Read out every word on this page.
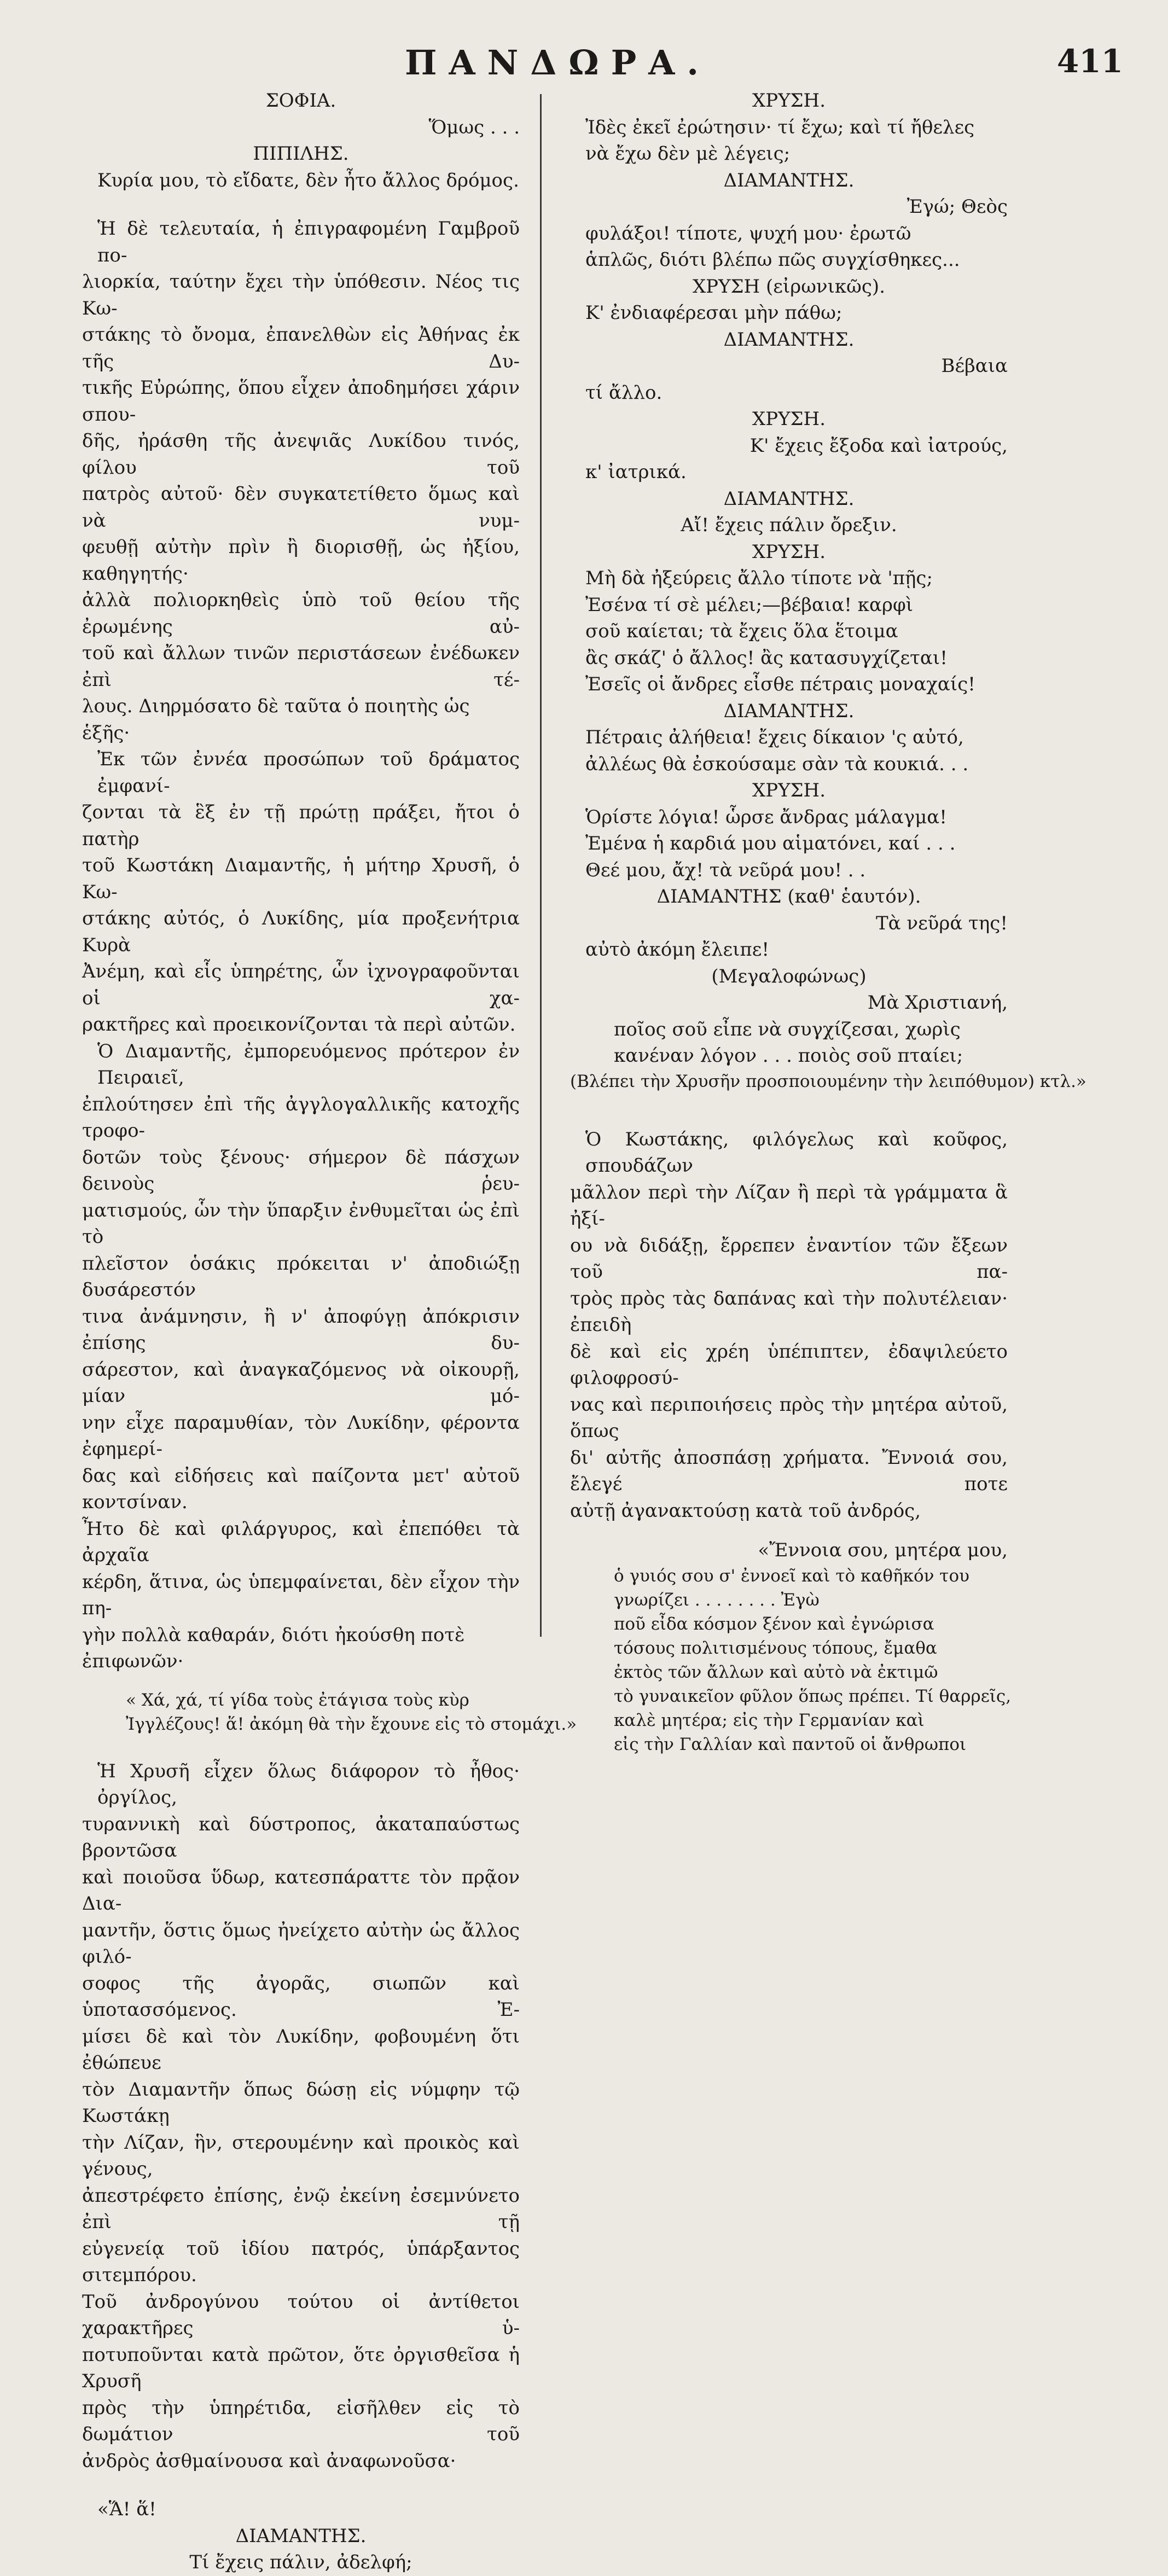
ΠΑΝΔΩΡΑ.	411
ΣΟΦΙΑ.
Ὅμως . . .
ΠΙΠΙΛΗΣ.
Κυρία μου, τὸ εἴδατε, δὲν ἦτο ἄλλος δρόμος.
Ἡ δὲ τελευταία, ἡ ἐπιγραφομένη Γαμβροῦ πο-
λιορκία, ταύτην ἔχει τὴν ὑπόθεσιν. Νέος τις Κω-
στάκης τὸ ὄνομα, ἐπανελθὼν εἰς Ἀθήνας ἐκ τῆς Δυ-
τικῆς Εὐρώπης, ὅπου εἶχεν ἀποδημήσει χάριν σπου-
δῆς, ἠράσθη τῆς ἀνεψιᾶς Λυκίδου τινός, φίλου τοῦ
πατρὸς αὐτοῦ· δὲν συγκατετίθετο ὅμως καὶ νὰ νυμ-
φευθῇ αὐτὴν πρὶν ἢ διορισθῇ, ὡς ἠξίου, καθηγητής·
ἀλλὰ πολιορκηθεὶς ὑπὸ τοῦ θείου τῆς ἐρωμένης αὐ-
τοῦ καὶ ἄλλων τινῶν περιστάσεων ἐνέδωκεν ἐπὶ τέ-
λους. Διηρμόσατο δὲ ταῦτα ὁ ποιητὴς ὡς ἑξῆς·
Ἐκ τῶν ἐννέα προσώπων τοῦ δράματος ἐμφανί-
ζονται τὰ ἓξ ἐν τῇ πρώτῃ πράξει, ἤτοι ὁ πατὴρ
τοῦ Κωστάκη Διαμαντῆς, ἡ μήτηρ Χρυσῆ, ὁ Κω-
στάκης αὐτός, ὁ Λυκίδης, μία προξενήτρια Κυρὰ
Ἀνέμη, καὶ εἷς ὑπηρέτης, ὧν ἰχνογραφοῦνται οἱ χα-
ρακτῆρες καὶ προεικονίζονται τὰ περὶ αὐτῶν.
Ὁ Διαμαντῆς, ἐμπορευόμενος πρότερον ἐν Πειραιεῖ,
ἐπλούτησεν ἐπὶ τῆς ἀγγλογαλλικῆς κατοχῆς τροφο-
δοτῶν τοὺς ξένους· σήμερον δὲ πάσχων δεινοὺς ῥευ-
ματισμούς, ὧν τὴν ὕπαρξιν ἐνθυμεῖται ὡς ἐπὶ τὸ
πλεῖστον ὁσάκις πρόκειται ν' ἀποδιώξῃ δυσάρεστόν
τινα ἀνάμνησιν, ἢ ν' ἀποφύγῃ ἀπόκρισιν ἐπίσης δυ-
σάρεστον, καὶ ἀναγκαζόμενος νὰ οἰκουρῇ, μίαν μό-
νην εἶχε παραμυθίαν, τὸν Λυκίδην, φέροντα ἐφημερί-
δας καὶ εἰδήσεις καὶ παίζοντα μετ' αὐτοῦ κοντσίναν.
Ἦτο δὲ καὶ φιλάργυρος, καὶ ἐπεπόθει τὰ ἀρχαῖα
κέρδη, ἅτινα, ὡς ὑπεμφαίνεται, δὲν εἶχον τὴν πη-
γὴν πολλὰ καθαράν, διότι ἠκούσθη ποτὲ ἐπιφωνῶν·
« Χά, χά, τί γίδα τοὺς ἐτάγισα τοὺς κὺρ
Ἰγγλέζους! ἅ! ἀκόμη θὰ τὴν ἔχουνε εἰς τὸ στομάχι.»
Ἡ Χρυσῆ εἶχεν ὅλως διάφορον τὸ ἦθος· ὀργίλος,
τυραννικὴ καὶ δύστροπος, ἀκαταπαύστως βροντῶσα
καὶ ποιοῦσα ὕδωρ, κατεσπάραττε τὸν πρᾷον Δια-
μαντῆν, ὅστις ὅμως ἠνείχετο αὐτὴν ὡς ἄλλος φιλό-
σοφος τῆς ἀγορᾶς, σιωπῶν καὶ ὑποτασσόμενος. Ἐ-
μίσει δὲ καὶ τὸν Λυκίδην, φοβουμένη ὅτι ἐθώπευε
τὸν Διαμαντῆν ὅπως δώσῃ εἰς νύμφην τῷ Κωστάκῃ
τὴν Λίζαν, ἣν, στερουμένην καὶ προικὸς καὶ γένους,
ἀπεστρέφετο ἐπίσης, ἐνῷ ἐκείνη ἐσεμνύνετο ἐπὶ τῇ
εὐγενείᾳ τοῦ ἰδίου πατρός, ὑπάρξαντος σιτεμπόρου.
Τοῦ ἀνδρογύνου τούτου οἱ ἀντίθετοι χαρακτῆρες ὑ-
ποτυποῦνται κατὰ πρῶτον, ὅτε ὀργισθεῖσα ἡ Χρυσῆ
πρὸς τὴν ὑπηρέτιδα, εἰσῆλθεν εἰς τὸ δωμάτιον τοῦ
ἀνδρὸς ἀσθμαίνουσα καὶ ἀναφωνοῦσα·
«Ἅ! ἅ!
ΔΙΑΜΑΝΤΗΣ.
Τί ἔχεις πάλιν, ἀδελφή;
ΧΡΥΣΗ.
Ἰδὲς ἐκεῖ ἐρώτησιν· τί ἔχω; καὶ τί ἤθελες
νὰ ἔχω δὲν μὲ λέγεις;
ΔΙΑΜΑΝΤΗΣ.
Ἐγώ; Θεὸς
φυλάξοι! τίποτε, ψυχή μου· ἐρωτῶ
ἁπλῶς, διότι βλέπω πῶς συγχίσθηκες...
ΧΡΥΣΗ (εἰρωνικῶς).
Κ' ἐνδιαφέρεσαι μὴν πάθω;
ΔΙΑΜΑΝΤΗΣ.
Βέβαια
τί ἄλλο.
ΧΡΥΣΗ.
Κ' ἔχεις ἔξοδα καὶ ἰατρούς,
κ' ἰατρικά.
ΔΙΑΜΑΝΤΗΣ.
Αἴ! ἔχεις πάλιν ὄρεξιν.
ΧΡΥΣΗ.
Μὴ δὰ ἠξεύρεις ἄλλο τίποτε νὰ 'πῇς;
Ἐσένα τί σὲ μέλει;—βέβαια! καρφὶ
σοῦ καίεται; τὰ ἔχεις ὅλα ἕτοιμα
ἂς σκάζ' ὁ ἄλλος! ἂς κατασυγχίζεται!
Ἐσεῖς οἱ ἄνδρες εἶσθε πέτραις μοναχαίς!
ΔΙΑΜΑΝΤΗΣ.
Πέτραις ἀλήθεια! ἔχεις δίκαιον 'ς αὐτό,
ἀλλέως θὰ ἐσκούσαμε σὰν τὰ κουκιά. . .
ΧΡΥΣΗ.
Ὁρίστε λόγια! ὧρσε ἄνδρας μάλαγμα!
Ἐμένα ἡ καρδιά μου αἱματόνει, καί . . .
Θεέ μου, ἄχ! τὰ νεῦρά μου! . .
ΔΙΑΜΑΝΤΗΣ (καθ' ἑαυτόν).
Τὰ νεῦρά της!
αὐτὸ ἀκόμη ἔλειπε!
(Μεγαλοφώνως)
Μὰ Χριστιανή,
ποῖος σοῦ εἶπε νὰ συγχίζεσαι, χωρὶς
κανέναν λόγον . . . ποιὸς σοῦ πταίει;
(Βλέπει τὴν Χρυσῆν προσποιουμένην τὴν λειπόθυμον) κτλ.»
Ὁ Κωστάκης, φιλόγελως καὶ κοῦφος, σπουδάζων
μᾶλλον περὶ τὴν Λίζαν ἢ περὶ τὰ γράμματα ἃ ἠξί-
ου νὰ διδάξῃ, ἔρρεπεν ἐναντίον τῶν ἔξεων τοῦ πα-
τρὸς πρὸς τὰς δαπάνας καὶ τὴν πολυτέλειαν· ἐπειδὴ
δὲ καὶ εἰς χρέη ὑπέπιπτεν, ἐδαψιλεύετο φιλοφροσύ-
νας καὶ περιποιήσεις πρὸς τὴν μητέρα αὐτοῦ, ὅπως
δι' αὐτῆς ἀποσπάσῃ χρήματα. Ἔννοιά σου, ἔλεγέ ποτε
αὐτῇ ἀγανακτούσῃ κατὰ τοῦ ἀνδρός,
«Ἔννοια σου, μητέρα μου,
ὁ γυιός σου σ' ἐννοεῖ καὶ τὸ καθῆκόν του
γνωρίζει . . . . . . . . Ἐγὼ
ποῦ εἶδα κόσμον ξένον καὶ ἐγνώρισα
τόσους πολιτισμένους τόπους, ἔμαθα
ἐκτὸς τῶν ἄλλων καὶ αὐτὸ νὰ ἐκτιμῶ
τὸ γυναικεῖον φῦλον ὅπως πρέπει. Τί θαρρεῖς,
καλὲ μητέρα; εἰς τὴν Γερμανίαν καὶ
εἰς τὴν Γαλλίαν καὶ παντοῦ οἱ ἄνθρωποι
